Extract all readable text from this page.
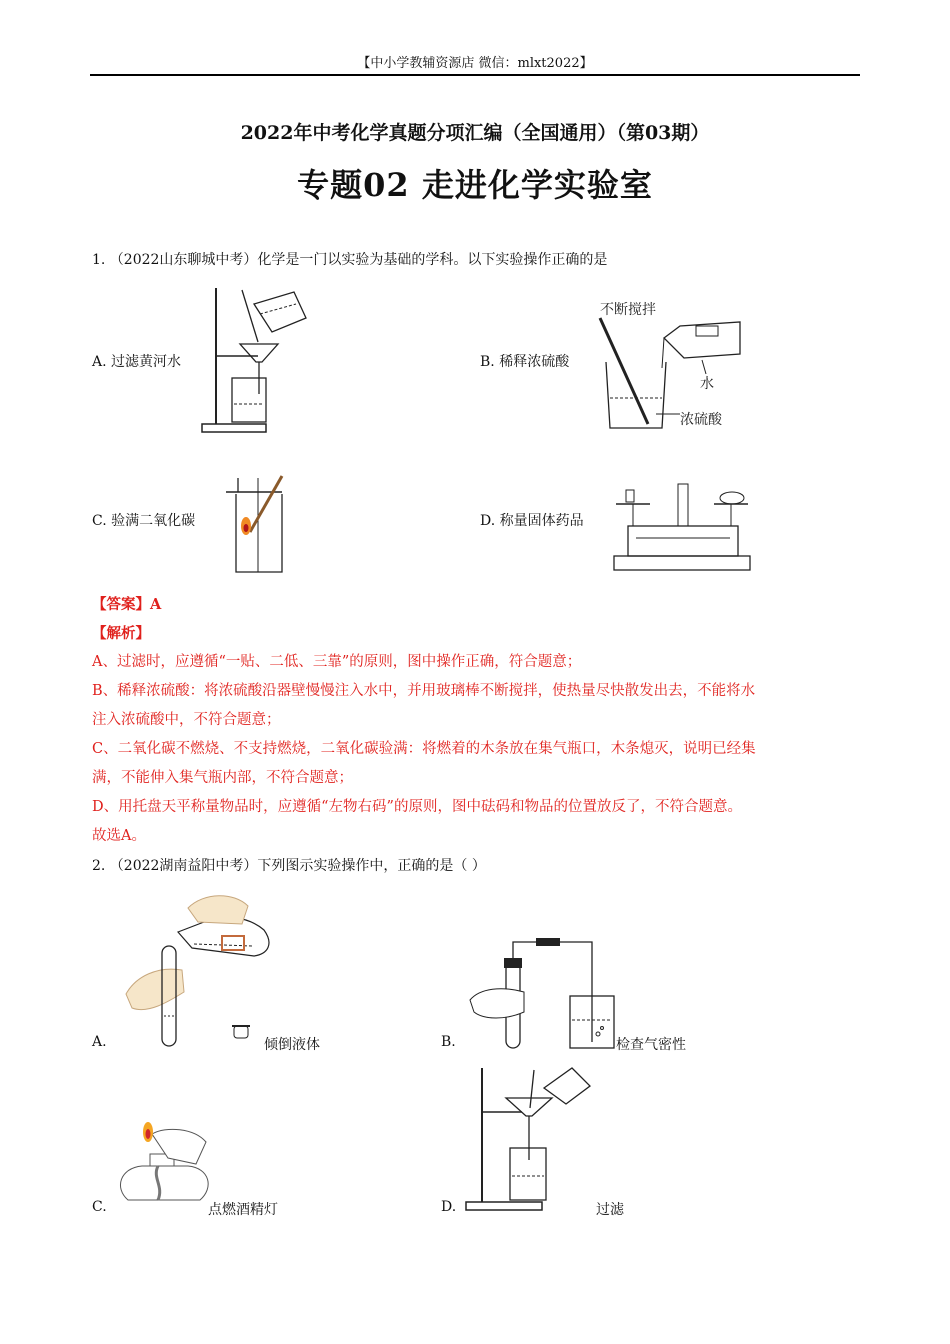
【中小学教辅资源店 微信：mlxt2022】
2022年中考化学真题分项汇编（全国通用）（第03期）
专题02 走进化学实验室
1. （2022山东聊城中考）化学是一门以实验为基础的学科。以下实验操作正确的是
A. 过滤黄河水	B. 稀释浓硫酸
不断搅拌
水
浓硫酸
C. 验满二氧化碳	D. 称量固体药品
【答案】A
【解析】
A、过滤时，应遵循“一贴、二低、三靠”的原则，图中操作正确，符合题意；
B、稀释浓硫酸：将浓硫酸沿器壁慢慢注入水中，并用玻璃棒不断搅拌，使热量尽快散发出去，不能将水
注入浓硫酸中，不符合题意；
C、二氧化碳不燃烧、不支持燃烧，二氧化碳验满：将燃着的木条放在集气瓶口，木条熄灭，说明已经集
满，不能伸入集气瓶内部，不符合题意；
D、用托盘天平称量物品时，应遵循“左物右码”的原则，图中砝码和物品的位置放反了，不符合题意。
故选A。
2. （2022湖南益阳中考）下列图示实验操作中，正确的是（ ）
A.	倾倒液体	B.	检查气密性
C.	点燃酒精灯	D.	过滤
